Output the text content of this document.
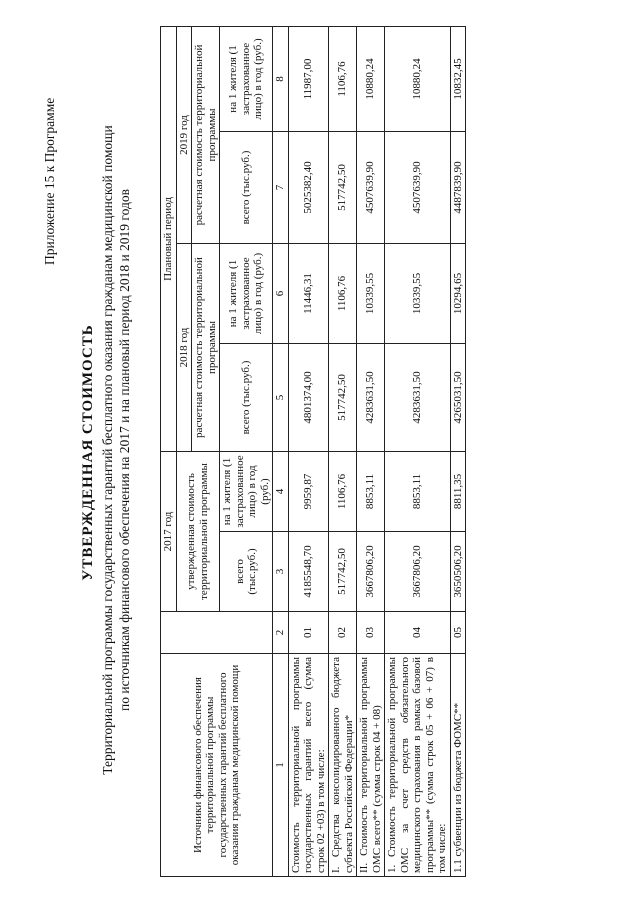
Приложение 15 к Программе
УТВЕРЖДЕННАЯ СТОИМОСТЬ Территориальной программы государственных гарантий бесплатного оказания гражданам медицинской помощи по источникам финансового обеспечения на 2017 и на плановый период 2018 и 2019 годов
Источники финансового обеспечения территориальной программы государственных гарантий бесплатного оказания гражданам медицинской помощи		2017 год		Плановый период			
		утвержденная стоимость территориальной программы		2018 год		2019 год	
				расчетная стоимость территориальной программы		расчетная стоимость территориальной программы	
		всего (тыс.руб.)	на 1 жителя (1 застрахованное лицо) в год (руб.)	всего (тыс.руб.)	на 1 жителя (1 застрахованное лицо) в год (руб.)	всего (тыс.руб.)	на 1 жителя (1 застрахованное лицо) в год (руб.)
1	2	3	4	5	6	7	8
Стоимость территориальной программы государственных гарантий всего (сумма строк 02 +03) в том числе:	01	4185548,70	9959,87	4801374,00	11446,31	5025382,40	11987,00
I. Средства консолидированного бюджета субъекта Российской Федерации*	02	517742,50	1106,76	517742,50	1106,76	517742,50	1106,76
II. Стоимость территориальной программы ОМС всего** (сумма строк 04 + 08)	03	3667806,20	8853,11	4283631,50	10339,55	4507639,90	10880,24
1. Стоимость территориальной программы ОМС за счет средств обязательного медицинского страхования в рамках базовой программы** (сумма строк 05 + 06 + 07) в том числе:	04	3667806,20	8853,11	4283631,50	10339,55	4507639,90	10880,24
1.1 субвенции из бюджета ФОМС**	05	3650506,20	8811,35	4265031,50	10294,65	4487839,90	10832,45
